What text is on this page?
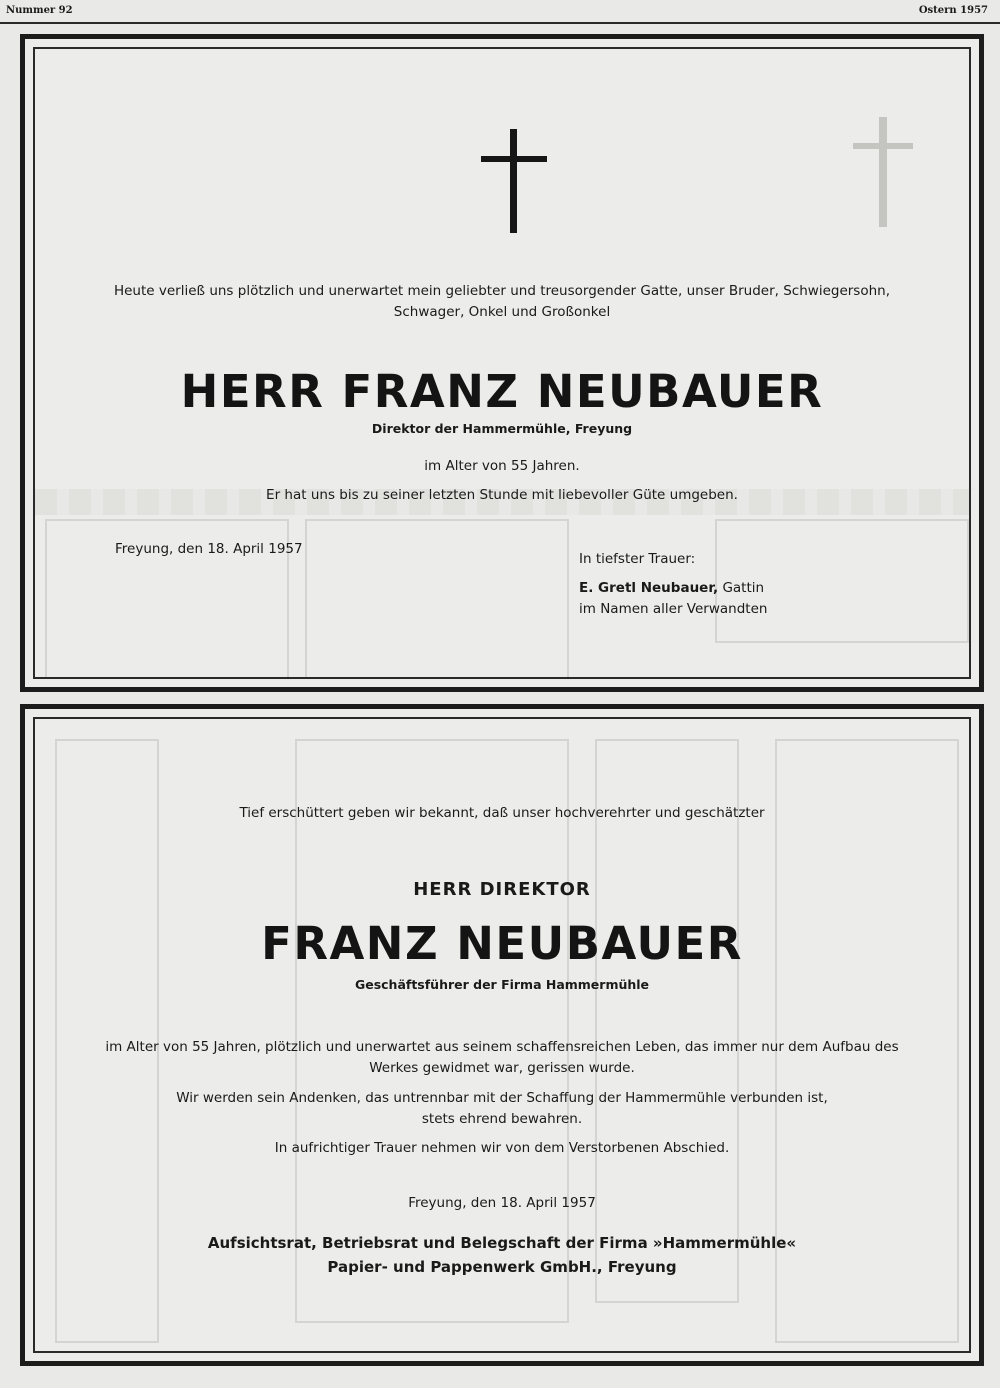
Nummer 92	Ostern 1957
Heute verließ uns plötzlich und unerwartet mein geliebter und treusorgender Gatte, unser Bruder, Schwiegersohn,
Schwager, Onkel und Großonkel
HERR FRANZ NEUBAUER
Direktor der Hammermühle, Freyung
im Alter von 55 Jahren.
Er hat uns bis zu seiner letzten Stunde mit liebevoller Güte umgeben.
Freyung, den 18. April 1957
In tiefster Trauer:
E. Gretl Neubauer, Gattin
im Namen aller Verwandten
Tief erschüttert geben wir bekannt, daß unser hochverehrter und geschätzter
HERR DIREKTOR
FRANZ NEUBAUER
Geschäftsführer der Firma Hammermühle
im Alter von 55 Jahren, plötzlich und unerwartet aus seinem schaffensreichen Leben, das immer nur dem Aufbau des
Werkes gewidmet war, gerissen wurde.
Wir werden sein Andenken, das untrennbar mit der Schaffung der Hammermühle verbunden ist,
stets ehrend bewahren.
In aufrichtiger Trauer nehmen wir von dem Verstorbenen Abschied.
Freyung, den 18. April 1957
Aufsichtsrat, Betriebsrat und Belegschaft der Firma »Hammermühle«
Papier- und Pappenwerk GmbH., Freyung
